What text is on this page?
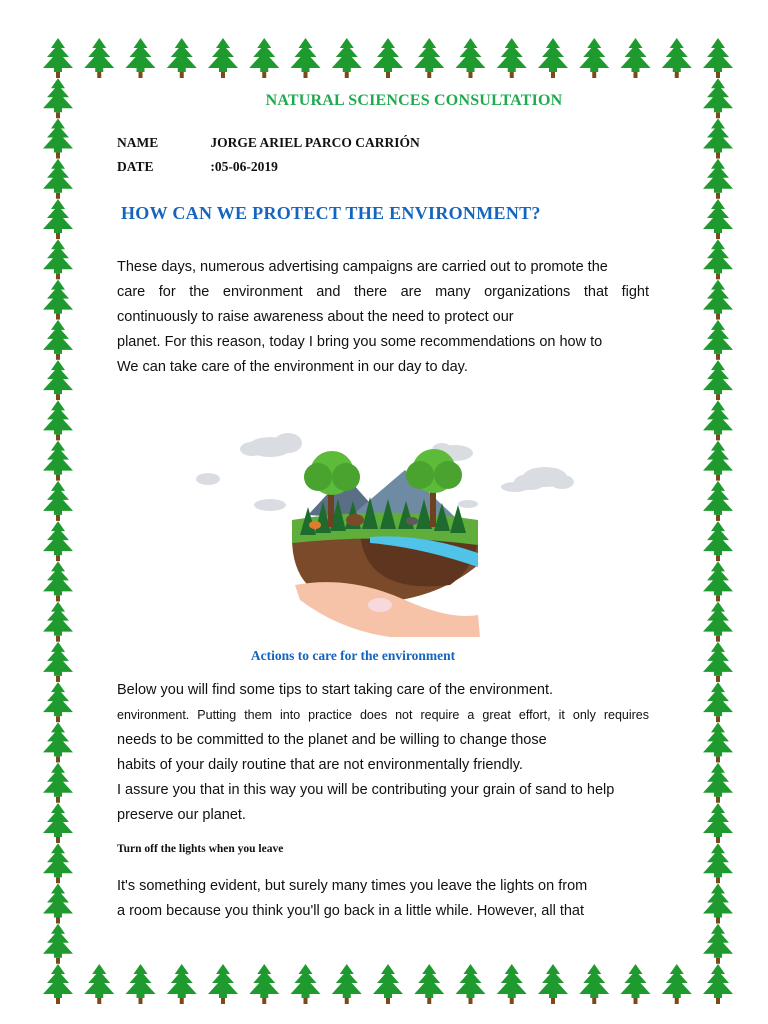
NATURAL SCIENCES CONSULTATION
NAME	JORGE ARIEL PARCO CARRIÓN
DATE	:05-06-2019
HOW CAN WE PROTECT THE ENVIRONMENT?
These days, numerous advertising campaigns are carried out to promote the
care for the environment and there are many organizations that fight
continuously to raise awareness about the need to protect our
planet. For this reason, today I bring you some recommendations on how to
We can take care of the environment in our day to day.
Actions to care for the environment
Below you will find some tips to start taking care of the environment.
environment. Putting them into practice does not require a great effort, it only requires
needs to be committed to the planet and be willing to change those
habits of your daily routine that are not environmentally friendly.
I assure you that in this way you will be contributing your grain of sand to help
preserve our planet.
Turn off the lights when you leave
It's something evident, but surely many times you leave the lights on from
a room because you think you'll go back in a little while. However, all that
